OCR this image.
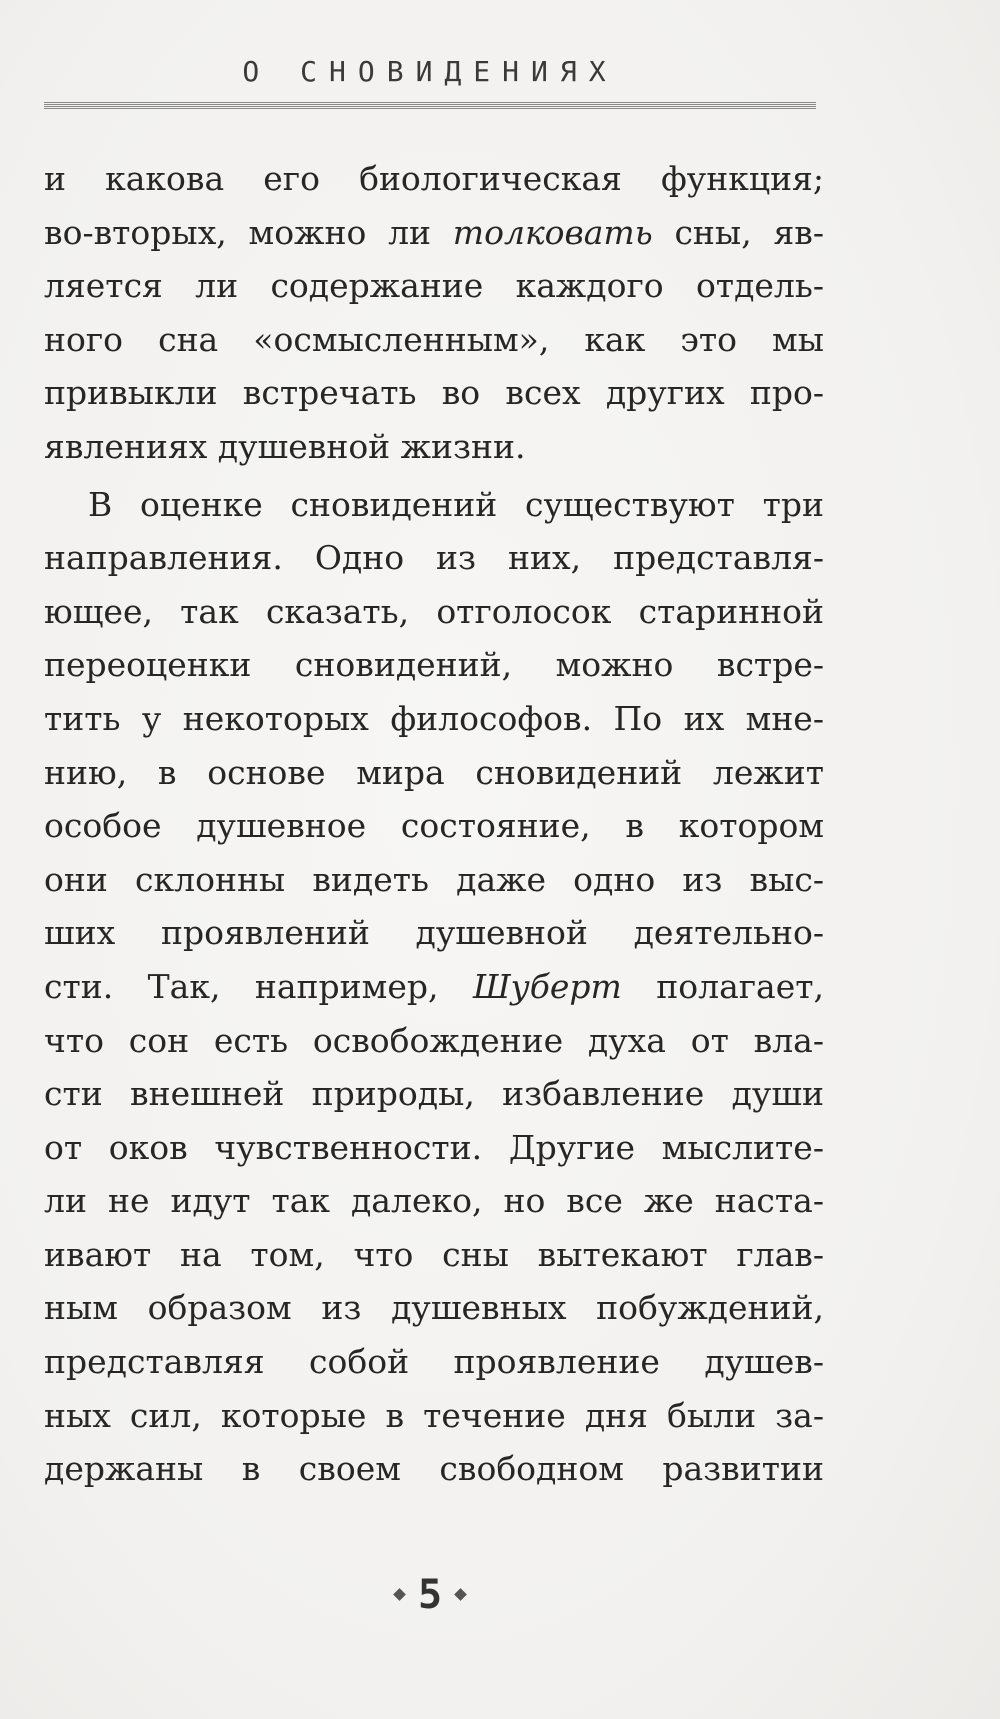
О СНОВИДЕНИЯХ
и какова его биологическая функция;
во-вторых, можно ли толковать сны, яв-
ляется ли содержание каждого отдель-
ного сна «осмысленным», как это мы
привыкли встречать во всех других про-
явлениях душевной жизни.
В оценке сновидений существуют три
направления. Одно из них, представля-
ющее, так сказать, отголосок старинной
переоценки сновидений, можно встре-
тить у некоторых философов. По их мне-
нию, в основе мира сновидений лежит
особое душевное состояние, в котором
они склонны видеть даже одно из выс-
ших проявлений душевной деятельно-
сти. Так, например, Шуберт полагает,
что сон есть освобождение духа от вла-
сти внешней природы, избавление души
от оков чувственности. Другие мыслите-
ли не идут так далеко, но все же наста-
ивают на том, что сны вытекают глав-
ным образом из душевных побуждений,
представляя собой проявление душев-
ных сил, которые в течение дня были за-
держаны в своем свободном развитии
5
